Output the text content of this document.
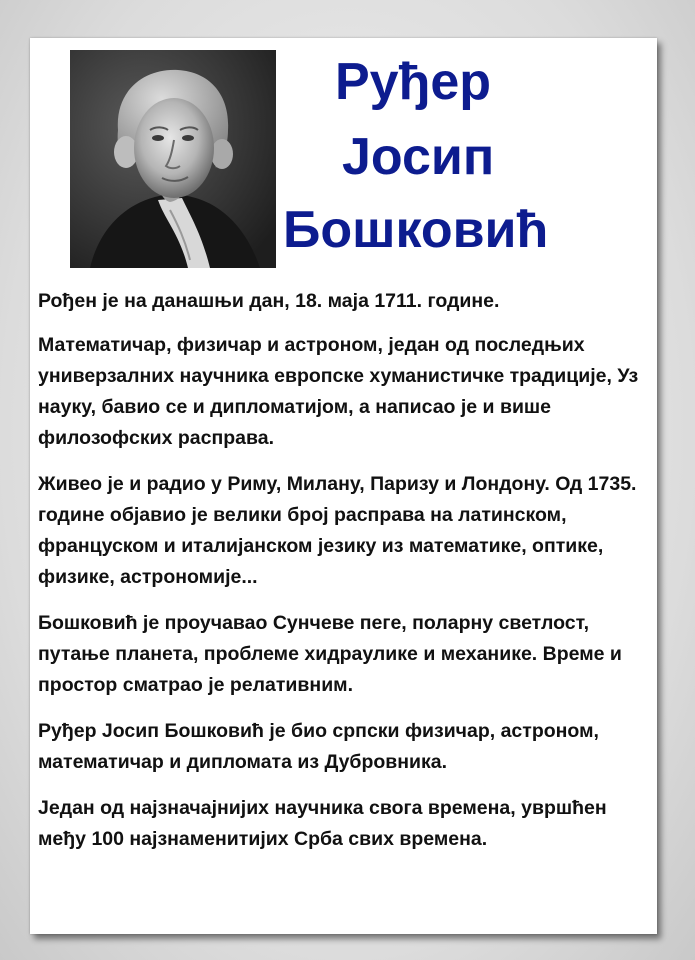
Руђер
Јосип
Бошковић

Рођен је на данашњи дан, 18. маја 1711. године.

Математичар, физичар и астроном, један од последњих универзалних научника европске хуманистичке традиције, Уз науку, бавио се и дипломатијом, а написао је и више филозофских расправа.

Живео је и радио у Риму, Милану, Паризу и Лондону. Од 1735. године објавио је велики број расправа на латинском, француском и италијанском језику из математике, оптике, физике, астрономије...

Бошковић је проучавао Сунчеве пеге, поларну светлост, путање планета, проблеме хидраулике и механике. Време и простор сматрао је релативним.

Руђер Јосип Бошковић је био српски физичар, астроном, математичар и дипломата из Дубровника.

Један од најзначајнијих научника свога времена, увршћен међу 100 најзнаменитијих Срба свих времена.
